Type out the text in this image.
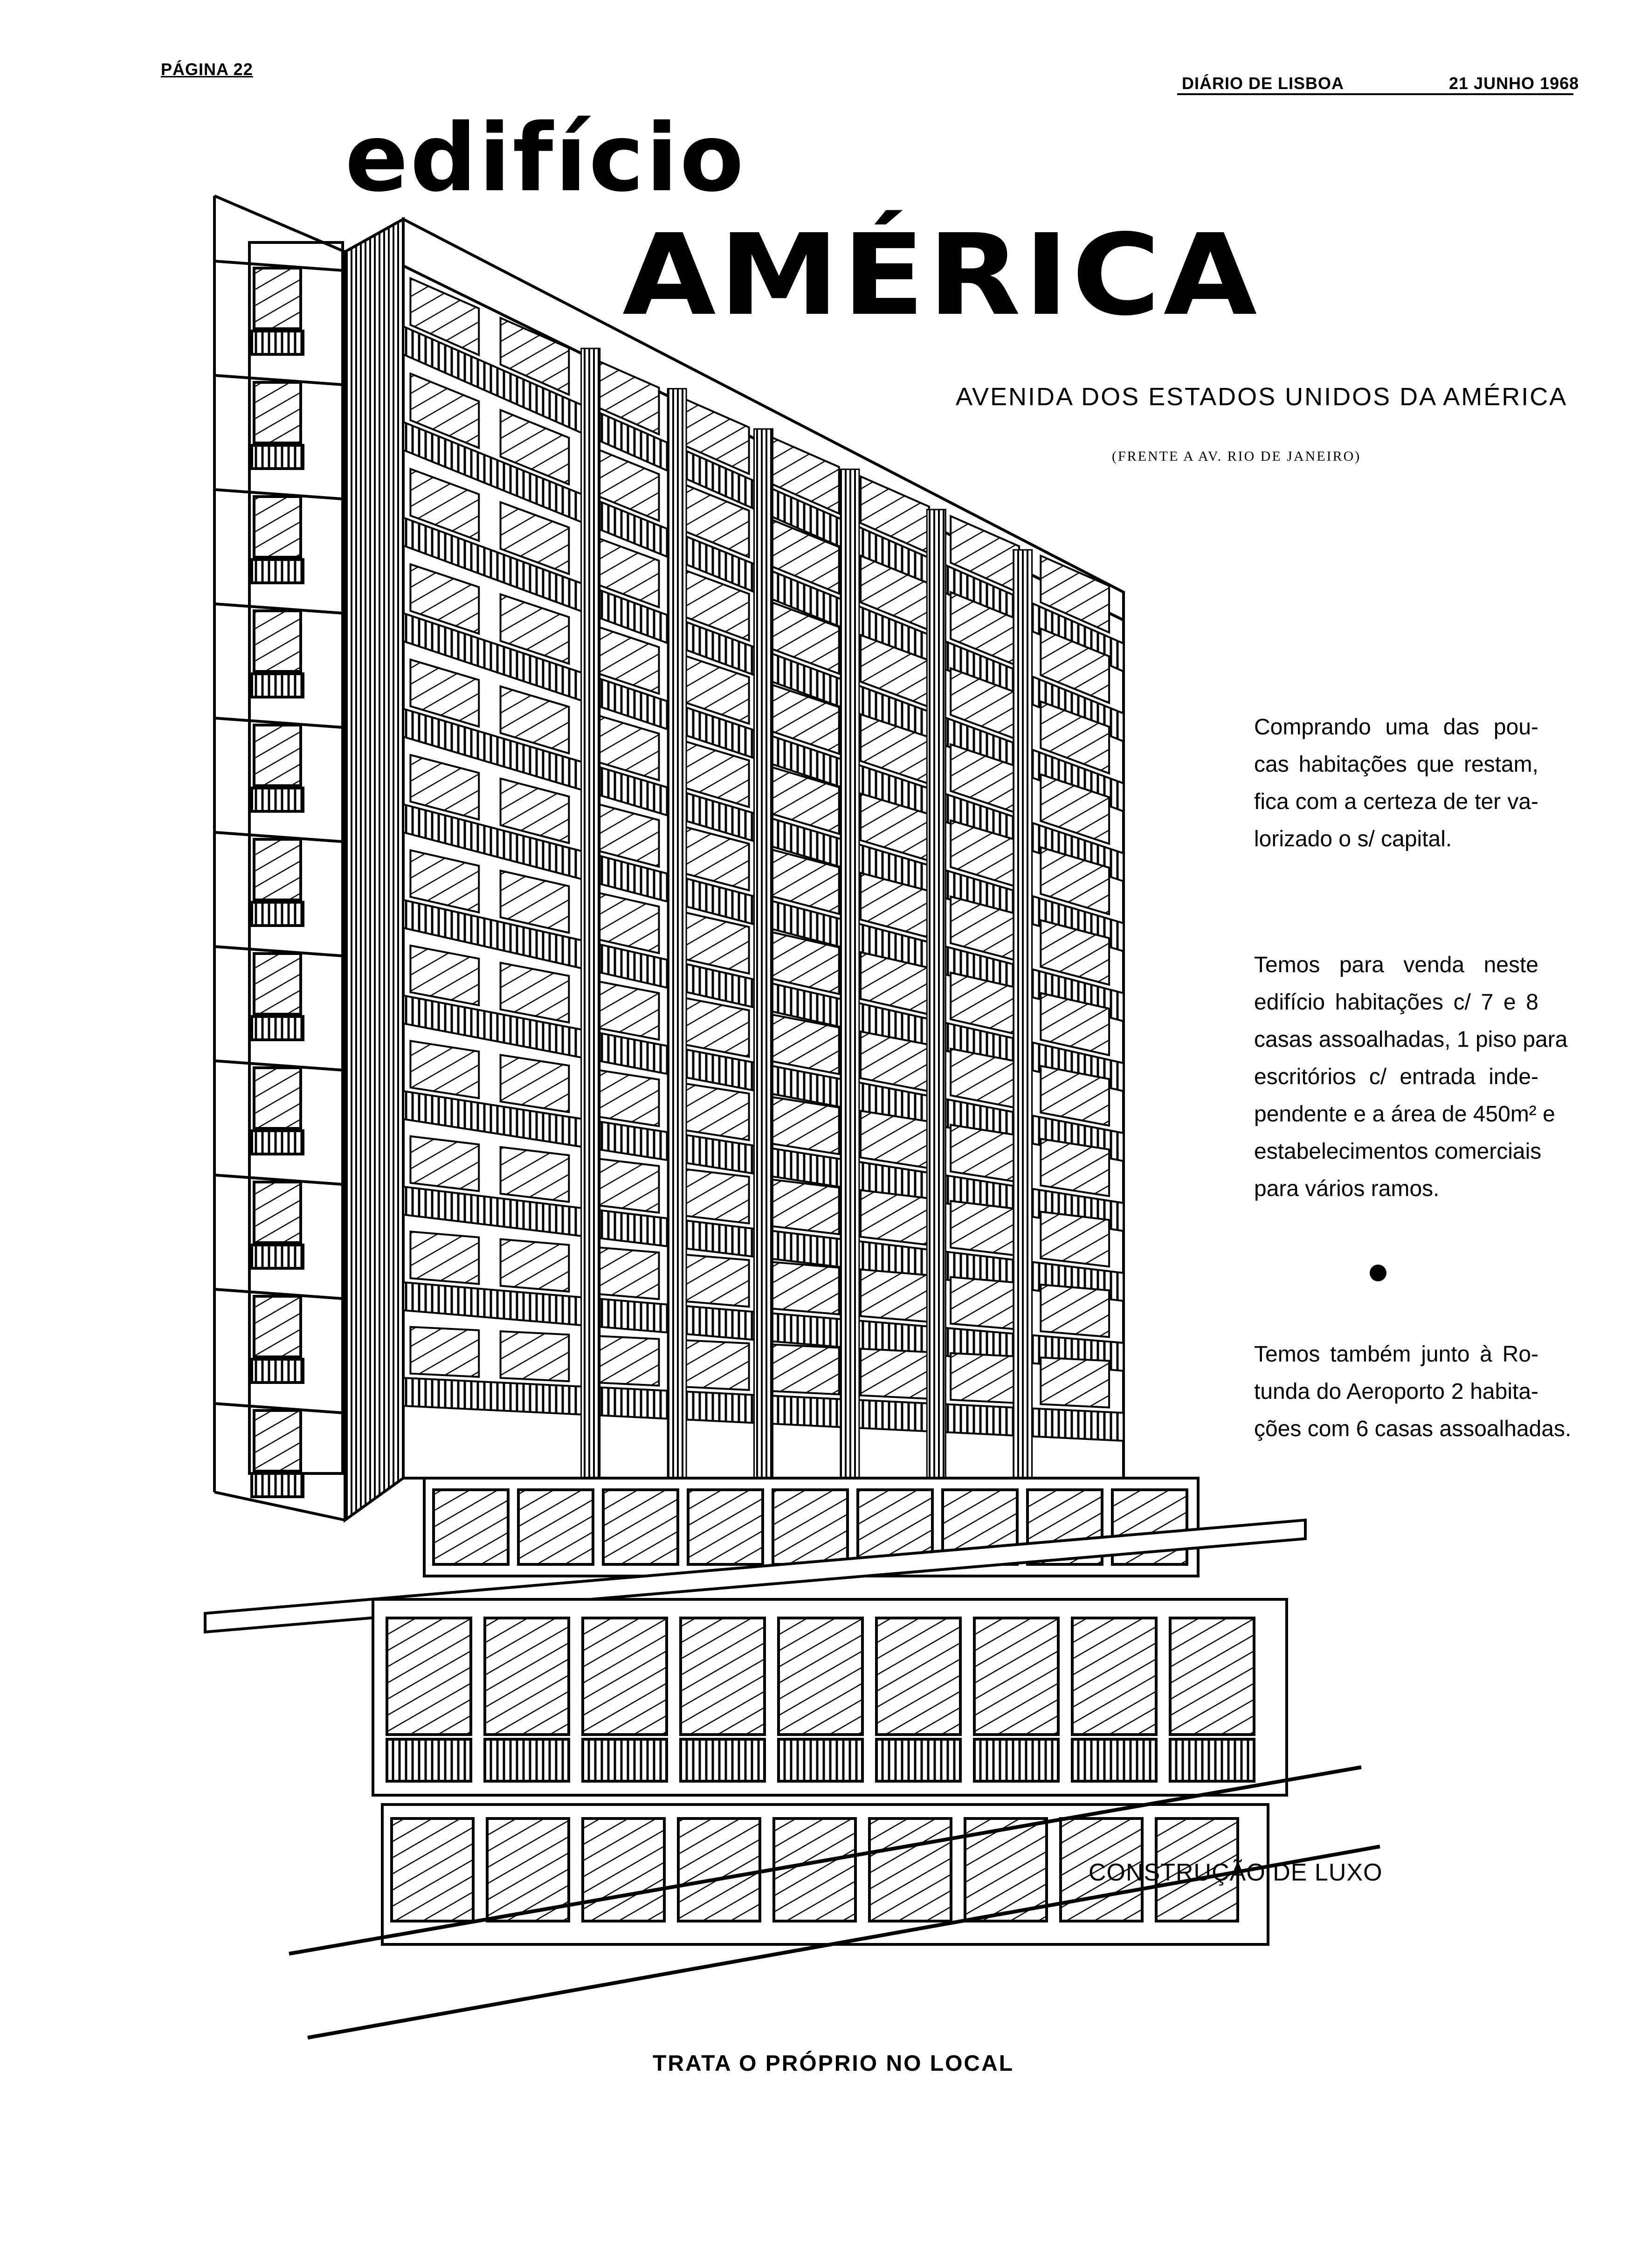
PÁGINA 22
DIÁRIO DE LISBOA	21 JUNHO 1968
edifício
AMÉRICA
AVENIDA DOS ESTADOS UNIDOS DA AMÉRICA
(FRENTE A AV. RIO DE JANEIRO)
Comprando uma das pou-
cas habitações que restam,
fica com a certeza de ter va-
lorizado o s/ capital.
Temos para venda neste
edifício habitações c/ 7 e 8
casas assoalhadas, 1 piso para
escritórios c/ entrada inde-
pendente e a área de 450m² e
estabelecimentos comerciais
para vários ramos.
Temos também junto à Ro-
tunda do Aeroporto 2 habita-
ções com 6 casas assoalhadas.
CONSTRUÇÃO DE LUXO
TRATA O PRÓPRIO NO LOCAL
